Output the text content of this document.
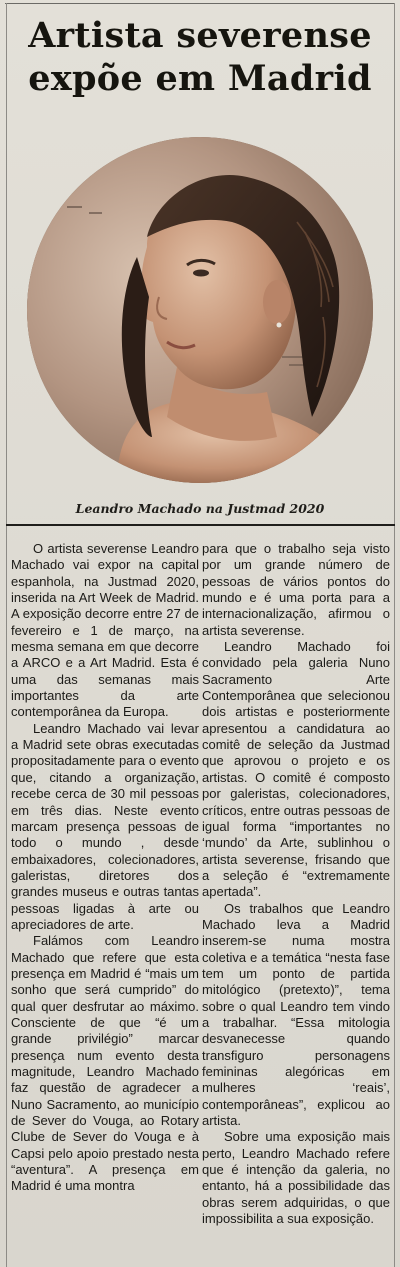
Artista severense
expõe em Madrid
Leandro Machado na Justmad 2020

O artista severense Leandro Machado vai expor na capital espanhola, na Justmad 2020, inserida na Art Week de Madrid. A exposição decorre entre 27 de fevereiro e 1 de março, na mesma semana em que decorre a ARCO e a Art Madrid. Esta é uma das semanas mais importantes da arte contemporânea da Europa.

Leandro Machado vai levar a Madrid sete obras executadas propositadamente para o evento que, citando a organização, recebe cerca de 30 mil pessoas em três dias. Neste evento marcam presença pessoas de todo o mundo , desde embaixadores, colecionadores, galeristas, diretores dos grandes museus e outras tantas pessoas ligadas à arte ou apreciadores de arte.

Falámos com Leandro Machado que refere que esta presença em Madrid é “mais um sonho que será cumprido” do qual quer desfrutar ao máximo. Consciente de que “é um grande privilégio” marcar presença num evento desta magnitude, Leandro Machado faz questão de agradecer a Nuno Sacramento, ao município de Sever do Vouga, ao Rotary Clube de Sever do Vouga e à Capsi pelo apoio prestado nesta “aventura”. A presença em Madrid é uma montra

para que o trabalho seja visto por um grande número de pessoas de vários pontos do mundo e é uma porta para a internacionalização, afirmou o artista severense.

Leandro Machado foi convidado pela galeria Nuno Sacramento Arte Contemporânea que selecionou dois artistas e posteriormente apresentou a candidatura ao comitê de seleção da Justmad que aprovou o projeto e os artistas. O comitê é composto por galeristas, colecionadores, críticos, entre outras pessoas de igual forma “importantes no ‘mundo’ da Arte, sublinhou o artista severense, frisando que a seleção é “extremamente apertada”.

Os trabalhos que Leandro Machado leva a Madrid inserem-se numa mostra coletiva e a temática “nesta fase tem um ponto de partida mitológico (pretexto)”, tema sobre o qual Leandro tem vindo a trabalhar. “Essa mitologia desvanecesse quando transfiguro personagens femininas alegóricas em mulheres ‘reais’, contemporâneas”, explicou ao artista.

Sobre uma exposição mais perto, Leandro Machado refere que é intenção da galeria, no entanto, há a possibilidade das obras serem adquiridas, o que impossibilita a sua exposição.
